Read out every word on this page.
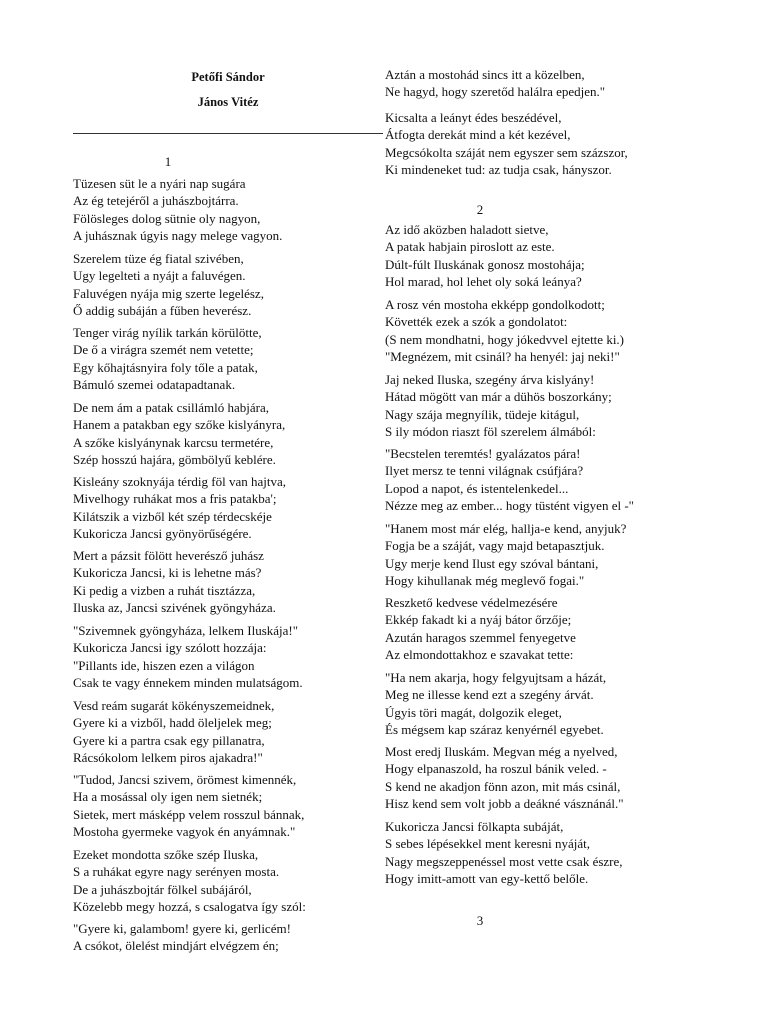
Petőfi Sándor
János Vitéz
1
Tüzesen süt le a nyári nap sugára
Az ég tetejéről a juhászbojtárra.
Fölösleges dolog sütnie oly nagyon,
A juhásznak úgyis nagy melege vagyon.
Szerelem tüze ég fiatal szivében,
Ugy legelteti a nyájt a faluvégen.
Faluvégen nyája mig szerte legelész,
Ő addig subáján a fűben heverész.
Tenger virág nyílik tarkán körülötte,
De ő a virágra szemét nem vetette;
Egy kőhajtásnyira foly tőle a patak,
Bámuló szemei odatapadtanak.
De nem ám a patak csillámló habjára,
Hanem a patakban egy szőke kislyányra,
A szőke kislyánynak karcsu termetére,
Szép hosszú hajára, gömbölyű keblére.
Kisleány szoknyája térdig föl van hajtva,
Mivelhogy ruhákat mos a fris patakba';
Kilátszik a vizből két szép térdecskéje
Kukoricza Jancsi gyönyörűségére.
Mert a pázsit fölött heverésző juhász
Kukoricza Jancsi, ki is lehetne más?
Ki pedig a vizben a ruhát tisztázza,
Iluska az, Jancsi szivének gyöngyháza.
"Szivemnek gyöngyháza, lelkem Iluskája!"
Kukoricza Jancsi igy szólott hozzája:
"Pillants ide, hiszen ezen a világon
Csak te vagy énnekem minden mulatságom.
Vesd reám sugarát kökényszemeidnek,
Gyere ki a vizből, hadd öleljelek meg;
Gyere ki a partra csak egy pillanatra,
Rácsókolom lelkem piros ajakadra!"
"Tudod, Jancsi szivem, örömest kimennék,
Ha a mosással oly igen nem sietnék;
Sietek, mert másképp velem rosszul bánnak,
Mostoha gyermeke vagyok én anyámnak."
Ezeket mondotta szőke szép Iluska,
S a ruhákat egyre nagy serényen mosta.
De a juhászbojtár fölkel subájáról,
Közelebb megy hozzá, s csalogatva így szól:
"Gyere ki, galambom! gyere ki, gerlicém!
A csókot, ölelést mindjárt elvégzem én;
2
Aztán a mostohád sincs itt a közelben,
Ne hagyd, hogy szeretőd halálra epedjen."
Kicsalta a leányt édes beszédével,
Átfogta derekát mind a két kezével,
Megcsókolta száját nem egyszer sem százszor,
Ki mindeneket tud: az tudja csak, hányszor.
Az idő aközben haladott sietve,
A patak habjain piroslott az este.
Dúlt-fúlt Iluskának gonosz mostohája;
Hol marad, hol lehet oly soká leánya?
A rosz vén mostoha ekképp gondolkodott;
Követték ezek a szók a gondolatot:
(S nem mondhatni, hogy jókedvvel ejtette ki.)
"Megnézem, mit csinál? ha henyél: jaj neki!"
Jaj neked Iluska, szegény árva kislyány!
Hátad mögött van már a dühös boszorkány;
Nagy szája megnyílik, tüdeje kitágul,
S ily módon riaszt föl szerelem álmából:
"Becstelen teremtés! gyalázatos pára!
Ilyet mersz te tenni világnak csúfjára?
Lopod a napot, és istentelenkedel...
Nézze meg az ember... hogy tüstént vigyen el -"
"Hanem most már elég, hallja-e kend, anyjuk?
Fogja be a száját, vagy majd betapasztjuk.
Ugy merje kend Ilust egy szóval bántani,
Hogy kihullanak még meglevő fogai."
Reszkető kedvese védelmezésére
Ekkép fakadt ki a nyáj bátor őrzője;
Azután haragos szemmel fenyegetve
Az elmondottakhoz e szavakat tette:
"Ha nem akarja, hogy felgyujtsam a házát,
Meg ne illesse kend ezt a szegény árvát.
Úgyis töri magát, dolgozik eleget,
És mégsem kap száraz kenyérnél egyebet.
Most eredj Iluskám. Megvan még a nyelved,
Hogy elpanaszold, ha roszul bánik veled. -
S kend ne akadjon fönn azon, mit más csinál,
Hisz kend sem volt jobb a deákné vásznánál."
Kukoricza Jancsi fölkapta subáját,
S sebes lépésekkel ment keresni nyáját,
Nagy megszeppenéssel most vette csak észre,
Hogy imitt-amott van egy-kettő belőle.
3
